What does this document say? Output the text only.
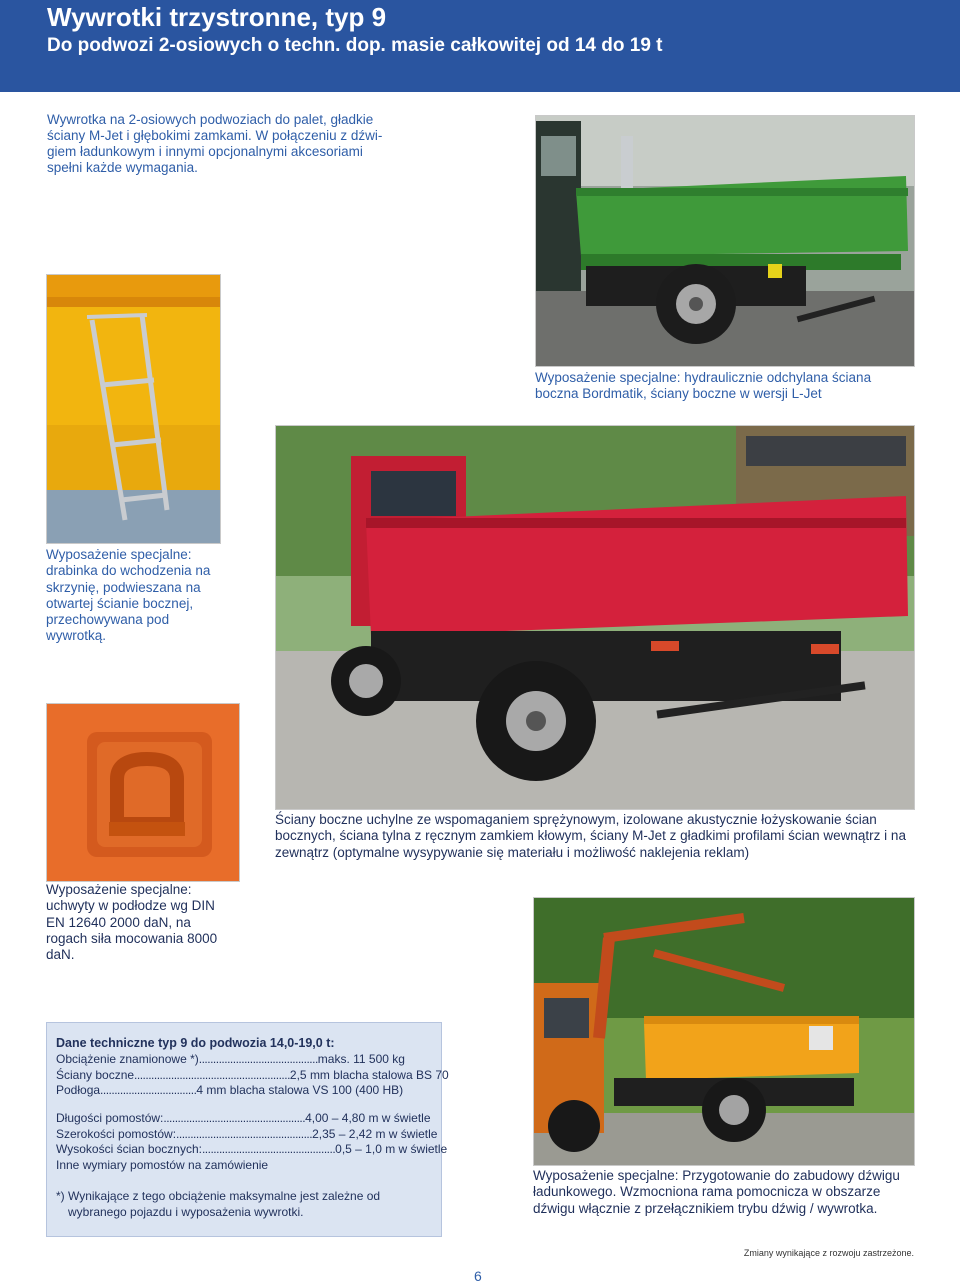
Wywrotki trzystronne, typ 9
Do podwozi 2-osiowych o techn. dop. masie całkowitej od 14 do 19 t
Wywrotka na 2-osiowych podwoziach do palet, gładkie ściany M-Jet i głębokimi zamkami. W połączeniu z dźwi-giem ładunkowym i innymi opcjonalnymi akcesoriami spełni każde wymagania.
Wyposażenie specjalne: hydraulicznie odchylana ściana boczna Bordmatik, ściany boczne w wersji L-Jet
Wyposażenie specjalne: drabinka do wchodzenia na skrzynię, podwieszana na otwartej ścianie bocznej, przechowywana pod wywrotką.
Ściany boczne uchylne ze wspomaganiem sprężynowym, izolowane akustycznie łożyskowanie ścian bocznych, ściana tylna z ręcznym zamkiem kłowym, ściany M-Jet z gładkimi profilami ścian wewnątrz i na zewnątrz (optymalne wysypywanie się materiału i możliwość naklejenia reklam)
Wyposażenie specjalne: uchwyty w podłodze wg DIN EN 12640 2000 daN, na rogach siła mocowania 8000 daN.
Wyposażenie specjalne: Przygotowanie do zabudowy dźwigu ładunkowego. Wzmocniona rama pomocnicza w obszarze dźwigu włącznie z przełącznikiem trybu dźwig / wywrotka.
Dane techniczne typ 9 do podwozia 14,0-19,0 t:
Obciążenie znamionowe *) .......................................... maks. 11 500 kg
Ściany boczne ....................................................... 2,5 mm blacha stalowa BS 70
Podłoga .................................. 4 mm blacha stalowa VS 100 (400 HB)
Długości pomostów: .................................................. 4,00 – 4,80 m w świetle
Szerokości pomostów: ................................................ 2,35 – 2,42 m w świetle
Wysokości ścian bocznych: ............................................... 0,5 – 1,0 m w świetle
Inne wymiary pomostów na zamówienie
*) Wynikające z tego obciążenie maksymalne jest zależne od
wybranego pojazdu i wyposażenia wywrotki.
Zmiany wynikające z rozwoju zastrzeżone.
6
